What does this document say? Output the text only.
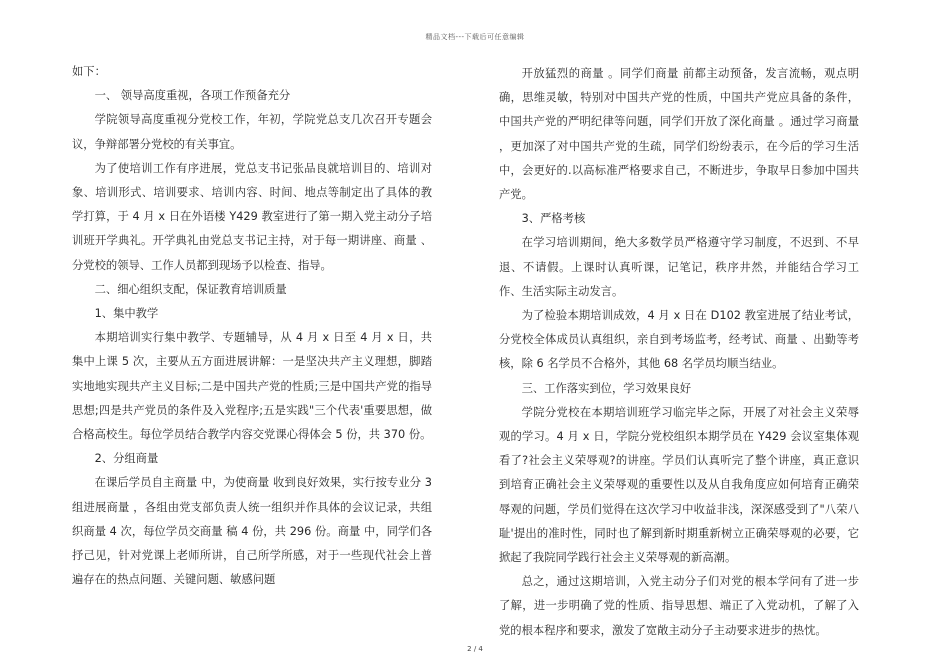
精品文档---下载后可任意编辑

如下：

一、 领导高度重视，各项工作预备充分

学院领导高度重视分党校工作，年初，学院党总支几次召开专题会议，争辩部署分党校的有关事宜。

为了使培训工作有序进展，党总支书记张品良就培训目的、培训对象、培训形式、培训要求、培训内容、时间、地点等制定出了具体的教学打算，于 4 月 x 日在外语楼 Y429 教室进行了第一期入党主动分子培训班开学典礼。开学典礼由党总支书记主持，对于每一期讲座、商量 、分党校的领导、工作人员都到现场予以检查、指导。

二、细心组织支配，保证教育培训质量

1、集中教学

本期培训实行集中教学、专题辅导，从 4 月 x 日至 4 月 x 日，共集中上课 5 次，主要从五方面进展讲解：一是坚决共产主义理想，脚踏实地地实现共产主义目标;二是中国共产党的性质;三是中国共产党的指导思想;四是共产党员的条件及入党程序;五是实践"三个代表'重要思想，做合格高校生。每位学员结合教学内容交党课心得体会 5 份，共 370 份。

2、分组商量

在课后学员自主商量 中，为使商量 收到良好效果，实行按专业分 3 组进展商量 ，各组由党支部负责人统一组织并作具体的会议记录，共组织商量 4 次，每位学员交商量 稿 4 份，共 296 份。商量 中，同学们各抒己见，针对党课上老师所讲，自己所学所感，对于一些现代社会上普遍存在的热点问题、关键问题、敏感问题

开放猛烈的商量 。同学们商量 前都主动预备，发言流畅，观点明确，思维灵敏，特别对中国共产党的性质，中国共产党应具备的条件，中国共产党的严明纪律等问题，同学们开放了深化商量 。通过学习商量 ，更加深了对中国共产党的生疏，同学们纷纷表示，在今后的学习生活中，会更好的.以高标准严格要求自己，不断进步，争取早日参加中国共产党。

3、严格考核

在学习培训期间，绝大多数学员严格遵守学习制度，不迟到、不早退、不请假。上课时认真听课，记笔记，秩序井然，并能结合学习工作、生活实际主动发言。

为了检验本期培训成效，4 月 x 日在 D102 教室进展了结业考试，分党校全体成员认真组织，亲自到考场监考，经考试、商量 、出勤等考核，除 6 名学员不合格外，其他 68 名学员均顺当结业。

三、工作落实到位，学习效果良好

学院分党校在本期培训班学习临完毕之际，开展了对社会主义荣辱观的学习。4 月 x 日，学院分党校组织本期学员在 Y429 会议室集体观看了?社会主义荣辱观?的讲座。学员们认真听完了整个讲座，真正意识到培育正确社会主义荣辱观的重要性以及从自我角度应如何培育正确荣辱观的问题，学员们觉得在这次学习中收益非浅，深深感受到了"八荣八耻'提出的准时性，同时也了解到新时期重新树立正确荣辱观的必要，它掀起了我院同学践行社会主义荣辱观的新高潮。

总之，通过这期培训，入党主动分子们对党的根本学问有了进一步了解，进一步明确了党的性质、指导思想、端正了入党动机，了解了入党的根本程序和要求，激发了宽敞主动分子主动要求进步的热忱。

2 / 4
